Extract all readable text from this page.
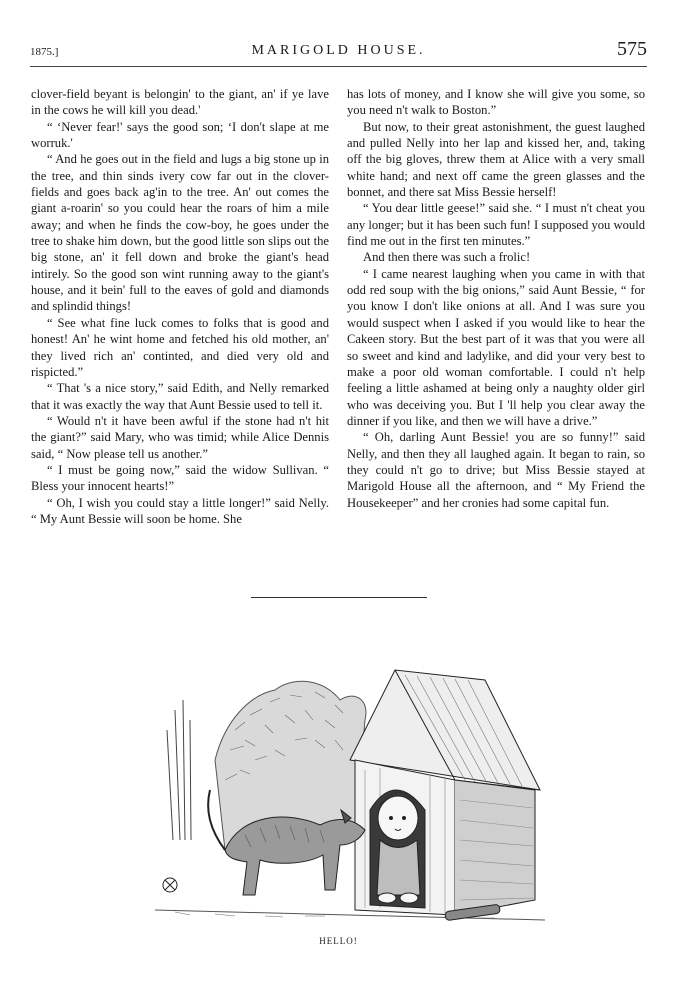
1875.]	MARIGOLD HOUSE.	575

clover-field beyant is belongin' to the giant, an' if ye lave in the cows he will kill you dead.'

“ ‘Never fear!' says the good son; ‘I don't slape at me worruk.'

“ And he goes out in the field and lugs a big stone up in the tree, and thin sinds ivery cow far out in the clover-fields and goes back ag'in to the tree. An' out comes the giant a-roarin' so you could hear the roars of him a mile away; and when he finds the cow-boy, he goes under the tree to shake him down, but the good little son slips out the big stone, an' it fell down and broke the giant's head intirely. So the good son wint running away to the giant's house, and it bein' full to the eaves of gold and diamonds and splindid things!

“ See what fine luck comes to folks that is good and honest! An' he wint home and fetched his old mother, an' they lived rich an' continted, and died very old and rispicted.”

“ That 's a nice story,” said Edith, and Nelly remarked that it was exactly the way that Aunt Bessie used to tell it.

“ Would n't it have been awful if the stone had n't hit the giant?” said Mary, who was timid; while Alice Dennis said, “ Now please tell us another.”

“ I must be going now,” said the widow Sullivan. “ Bless your innocent hearts!”

“ Oh, I wish you could stay a little longer!” said Nelly. “ My Aunt Bessie will soon be home. She

has lots of money, and I know she will give you some, so you need n't walk to Boston.”

But now, to their great astonishment, the guest laughed and pulled Nelly into her lap and kissed her, and, taking off the big gloves, threw them at Alice with a very small white hand; and next off came the green glasses and the bonnet, and there sat Miss Bessie herself!

“ You dear little geese!” said she. “ I must n't cheat you any longer; but it has been such fun! I supposed you would find me out in the first ten minutes.”

And then there was such a frolic!

“ I came nearest laughing when you came in with that odd red soup with the big onions,” said Aunt Bessie, “ for you know I don't like onions at all. And I was sure you would suspect when I asked if you would like to hear the Cakeen story. But the best part of it was that you were all so sweet and kind and ladylike, and did your very best to make a poor old woman comfortable. I could n't help feeling a little ashamed at being only a naughty older girl who was deceiving you. But I 'll help you clear away the dinner if you like, and then we will have a drive.”

“ Oh, darling Aunt Bessie! you are so funny!” said Nelly, and then they all laughed again. It began to rain, so they could n't go to drive; but Miss Bessie stayed at Marigold House all the afternoon, and “ My Friend the Housekeeper” and her cronies had some capital fun.

HELLO!
